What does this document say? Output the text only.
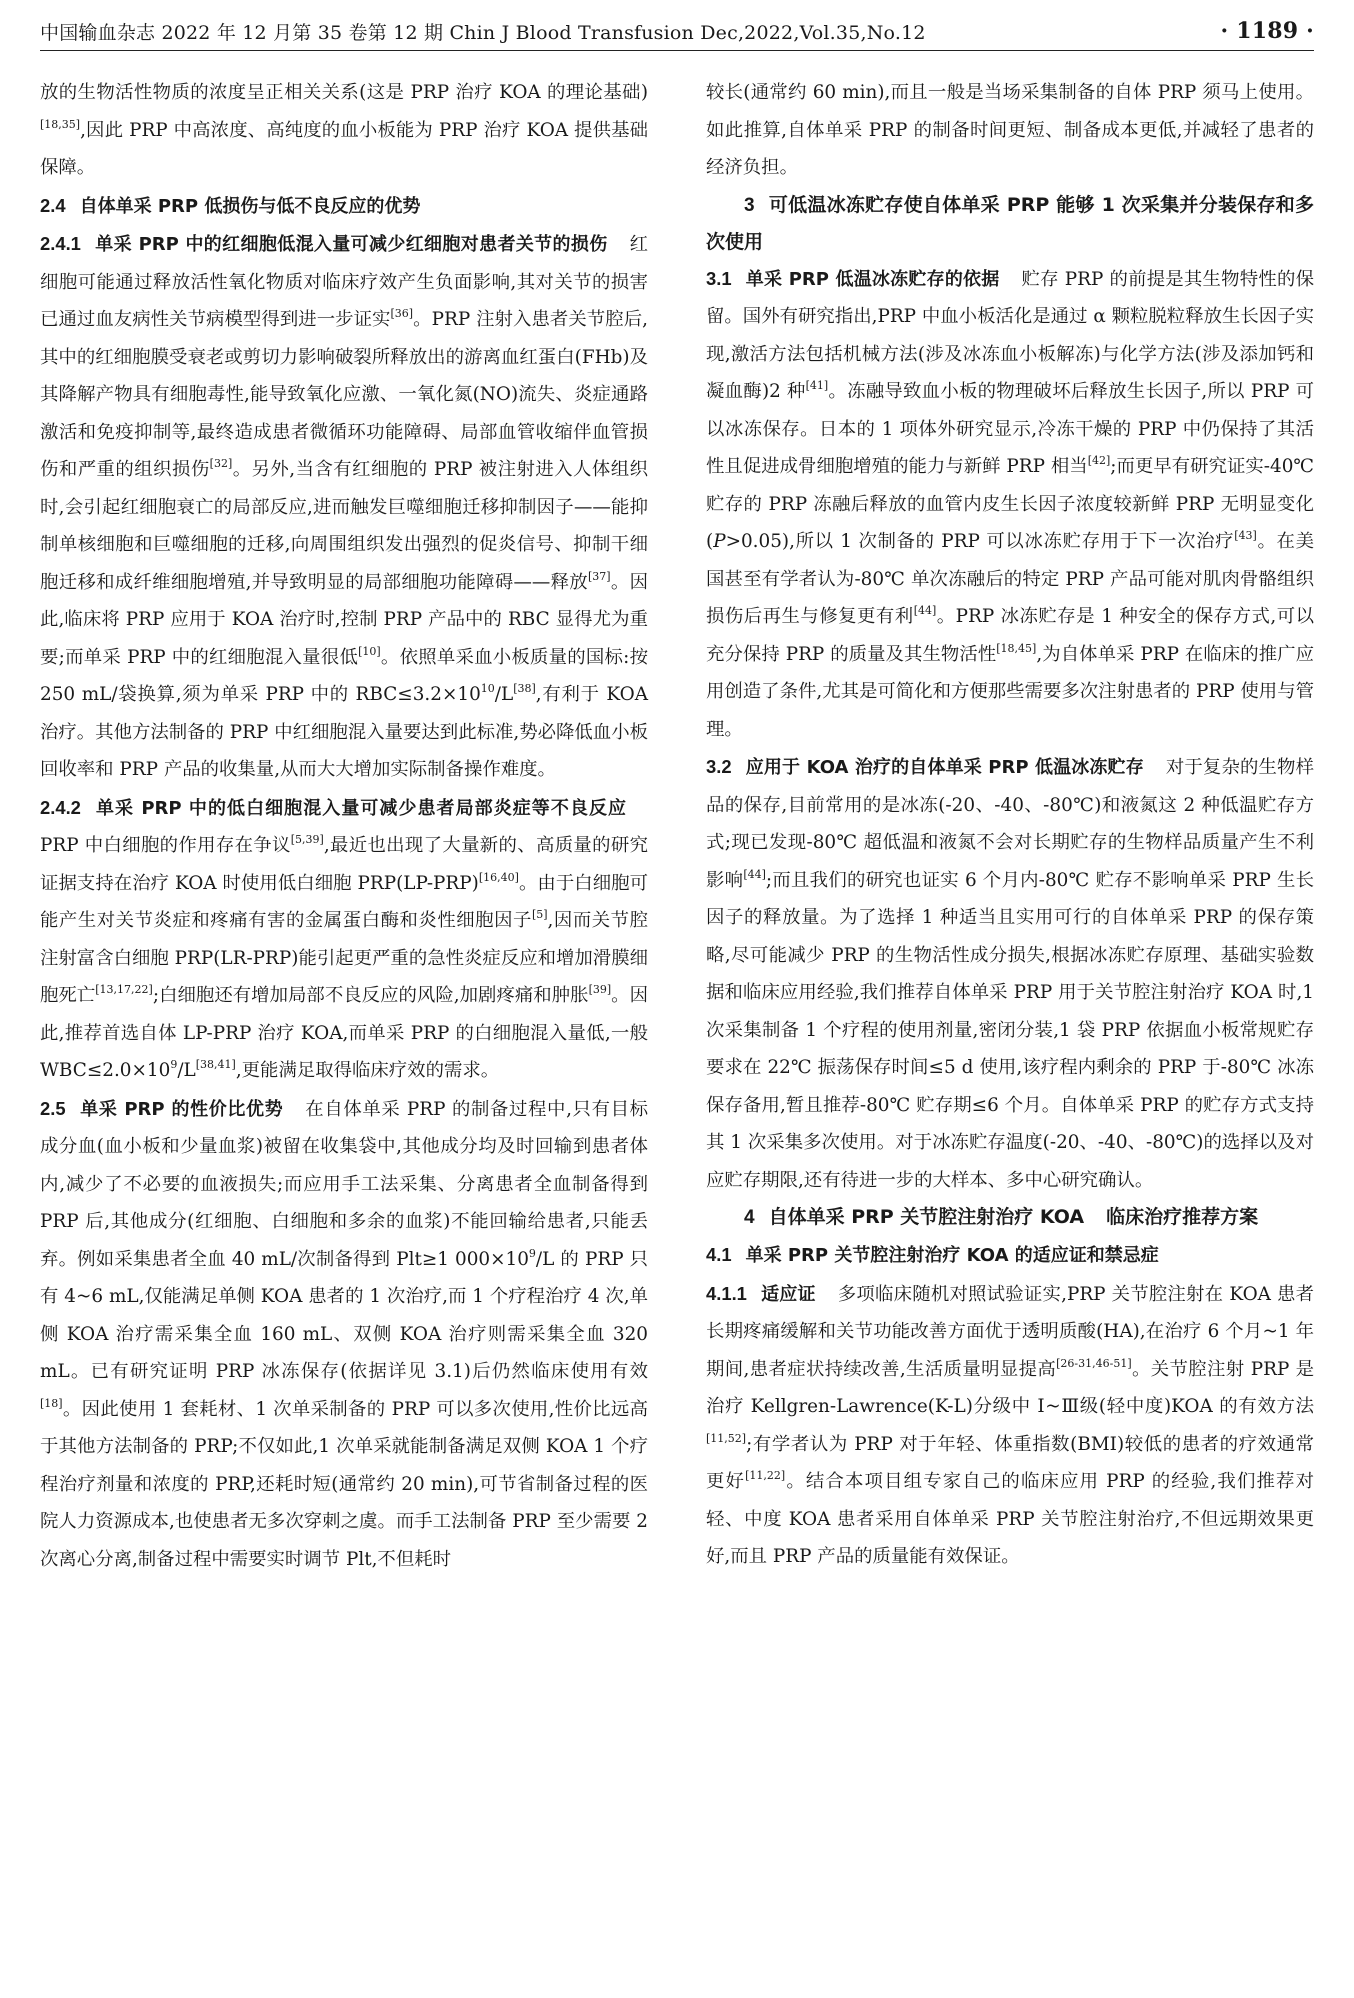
中国输血杂志 2022 年 12 月第 35 卷第 12 期 Chin J Blood Transfusion Dec,2022,Vol.35,No.12	· 1189 ·

放的生物活性物质的浓度呈正相关关系(这是 PRP 治疗 KOA 的理论基础)[18,35],因此 PRP 中高浓度、高纯度的血小板能为 PRP 治疗 KOA 提供基础保障。

2.4 自体单采 PRP 低损伤与低不良反应的优势

2.4.1 单采 PRP 中的红细胞低混入量可减少红细胞对患者关节的损伤 红细胞可能通过释放活性氧化物质对临床疗效产生负面影响,其对关节的损害已通过血友病性关节病模型得到进一步证实[36]。PRP 注射入患者关节腔后,其中的红细胞膜受衰老或剪切力影响破裂所释放出的游离血红蛋白(FHb)及其降解产物具有细胞毒性,能导致氧化应激、一氧化氮(NO)流失、炎症通路激活和免疫抑制等,最终造成患者微循环功能障碍、局部血管收缩伴血管损伤和严重的组织损伤[32]。另外,当含有红细胞的 PRP 被注射进入人体组织时,会引起红细胞衰亡的局部反应,进而触发巨噬细胞迁移抑制因子——能抑制单核细胞和巨噬细胞的迁移,向周围组织发出强烈的促炎信号、抑制干细胞迁移和成纤维细胞增殖,并导致明显的局部细胞功能障碍——释放[37]。因此,临床将 PRP 应用于 KOA 治疗时,控制 PRP 产品中的 RBC 显得尤为重要;而单采 PRP 中的红细胞混入量很低[10]。依照单采血小板质量的国标:按 250 mL/袋换算,须为单采 PRP 中的 $RBC\le 3.2\times 10^{10}/L[38]$,有利于 KOA 治疗。其他方法制备的 PRP 中红细胞混入量要达到此标准,势必降低血小板回收率和 PRP 产品的收集量,从而大大增加实际制备操作难度。

2.4.2 单采 PRP 中的低白细胞混入量可减少患者局部炎症等不良反应PRP 中白细胞的作用存在争议[5,39],最近也出现了大量新的、高质量的研究证据支持在治疗 KOA 时使用低白细胞 PRP(LP-PRP)[16,40]。由于白细胞可能产生对关节炎症和疼痛有害的金属蛋白酶和炎性细胞因子[5],因而关节腔注射富含白细胞 PRP(LR-PRP)能引起更严重的急性炎症反应和增加滑膜细胞死亡[13,17,22];白细胞还有增加局部不良反应的风险,加剧疼痛和肿胀[39]。因此,推荐首选自体 LP-PRP 治疗 KOA,而单采 PRP 的白细胞混入量低,一般 $WBC\le 2.0\times 10^9/L[38,41]$,更能满足取得临床疗效的需求。

2.5 单采 PRP 的性价比优势 在自体单采 PRP 的制备过程中,只有目标成分血(血小板和少量血浆)被留在收集袋中,其他成分均及时回输到患者体内,减少了不必要的血液损失;而应用手工法采集、分离患者全血制备得到 PRP 后,其他成分(红细胞、白细胞和多余的血浆)不能回输给患者,只能丢弃。例如采集患者全血 40 mL/次制备得到 Plt≥1 $000\times 10^9/L$ 的 PRP 只有 4~6 mL,仅能满足单侧 KOA 患者的 1 次治疗,而 1 个疗程治疗 4 次,单侧 KOA 治疗需采集全血 160 mL、双侧 KOA 治疗则需采集全血 320 mL。已有研究证明 PRP 冰冻保存(依据详见 3.1)后仍然临床使用有效[18]。因此使用 1 套耗材、1 次单采制备的 PRP 可以多次使用,性价比远高于其他方法制备的 PRP;不仅如此,1 次单采就能制备满足双侧 KOA 1 个疗程治疗剂量和浓度的 PRP,还耗时短(通常约 20 min),可节省制备过程的医院人力资源成本,也使患者无多次穿刺之虞。而手工法制备 PRP 至少需要 2 次离心分离,制备过程中需要实时调节 Plt,不但耗时

较长(通常约 60 min),而且一般是当场采集制备的自体 PRP 须马上使用。如此推算,自体单采 PRP 的制备时间更短、制备成本更低,并减轻了患者的经济负担。

3 可低温冰冻贮存使自体单采 PRP 能够 1 次采集并分装保存和多次使用

3.1 单采 PRP 低温冰冻贮存的依据 贮存 PRP 的前提是其生物特性的保留。国外有研究指出,PRP 中血小板活化是通过 α 颗粒脱粒释放生长因子实现,激活方法包括机械方法(涉及冰冻血小板解冻)与化学方法(涉及添加钙和凝血酶)2 种[41]。冻融导致血小板的物理破坏后释放生长因子,所以 PRP 可以冰冻保存。日本的 1 项体外研究显示,冷冻干燥的 PRP 中仍保持了其活性且促进成骨细胞增殖的能力与新鲜 PRP 相当[42];而更早有研究证实-40℃ 贮存的 PRP 冻融后释放的血管内皮生长因子浓度较新鲜 PRP 无明显变化(P>0.05),所以 1 次制备的 PRP 可以冰冻贮存用于下一次治疗[43]。在美国甚至有学者认为-80℃ 单次冻融后的特定 PRP 产品可能对肌肉骨骼组织损伤后再生与修复更有利[44]。PRP 冰冻贮存是 1 种安全的保存方式,可以充分保持 PRP 的质量及其生物活性[18,45],为自体单采 PRP 在临床的推广应用创造了条件,尤其是可简化和方便那些需要多次注射患者的 PRP 使用与管理。

3.2 应用于 KOA 治疗的自体单采 PRP 低温冰冻贮存 对于复杂的生物样品的保存,目前常用的是冰冻(-20、-40、-80℃)和液氮这 2 种低温贮存方式;现已发现-80℃ 超低温和液氮不会对长期贮存的生物样品质量产生不利影响[44];而且我们的研究也证实 6 个月内-80℃ 贮存不影响单采 PRP 生长因子的释放量。为了选择 1 种适当且实用可行的自体单采 PRP 的保存策略,尽可能减少 PRP 的生物活性成分损失,根据冰冻贮存原理、基础实验数据和临床应用经验,我们推荐自体单采 PRP 用于关节腔注射治疗 KOA 时,1 次采集制备 1 个疗程的使用剂量,密闭分装,1 袋 PRP 依据血小板常规贮存要求在 22℃ 振荡保存时间≤5 d 使用,该疗程内剩余的 PRP 于-80℃ 冰冻保存备用,暂且推荐-80℃ 贮存期≤6 个月。自体单采 PRP 的贮存方式支持其 1 次采集多次使用。对于冰冻贮存温度(-20、-40、-80℃)的选择以及对应贮存期限,还有待进一步的大样本、多中心研究确认。

4 自体单采 PRP 关节腔注射治疗 KOA 临床治疗推荐方案

4.1 单采 PRP 关节腔注射治疗 KOA 的适应证和禁忌症

4.1.1 适应证 多项临床随机对照试验证实,PRP 关节腔注射在 KOA 患者长期疼痛缓解和关节功能改善方面优于透明质酸(HA),在治疗 6 个月~1 年期间,患者症状持续改善,生活质量明显提高[26-31,46-51]。关节腔注射 PRP 是治疗 Kellgren-Lawrence(K-L)分级中 Ⅰ~Ⅲ级(轻中度)KOA 的有效方法[11,52];有学者认为 PRP 对于年轻、体重指数(BMI)较低的患者的疗效通常更好[11,22]。结合本项目组专家自己的临床应用 PRP 的经验,我们推荐对轻、中度 KOA 患者采用自体单采 PRP 关节腔注射治疗,不但远期效果更好,而且 PRP 产品的质量能有效保证。
